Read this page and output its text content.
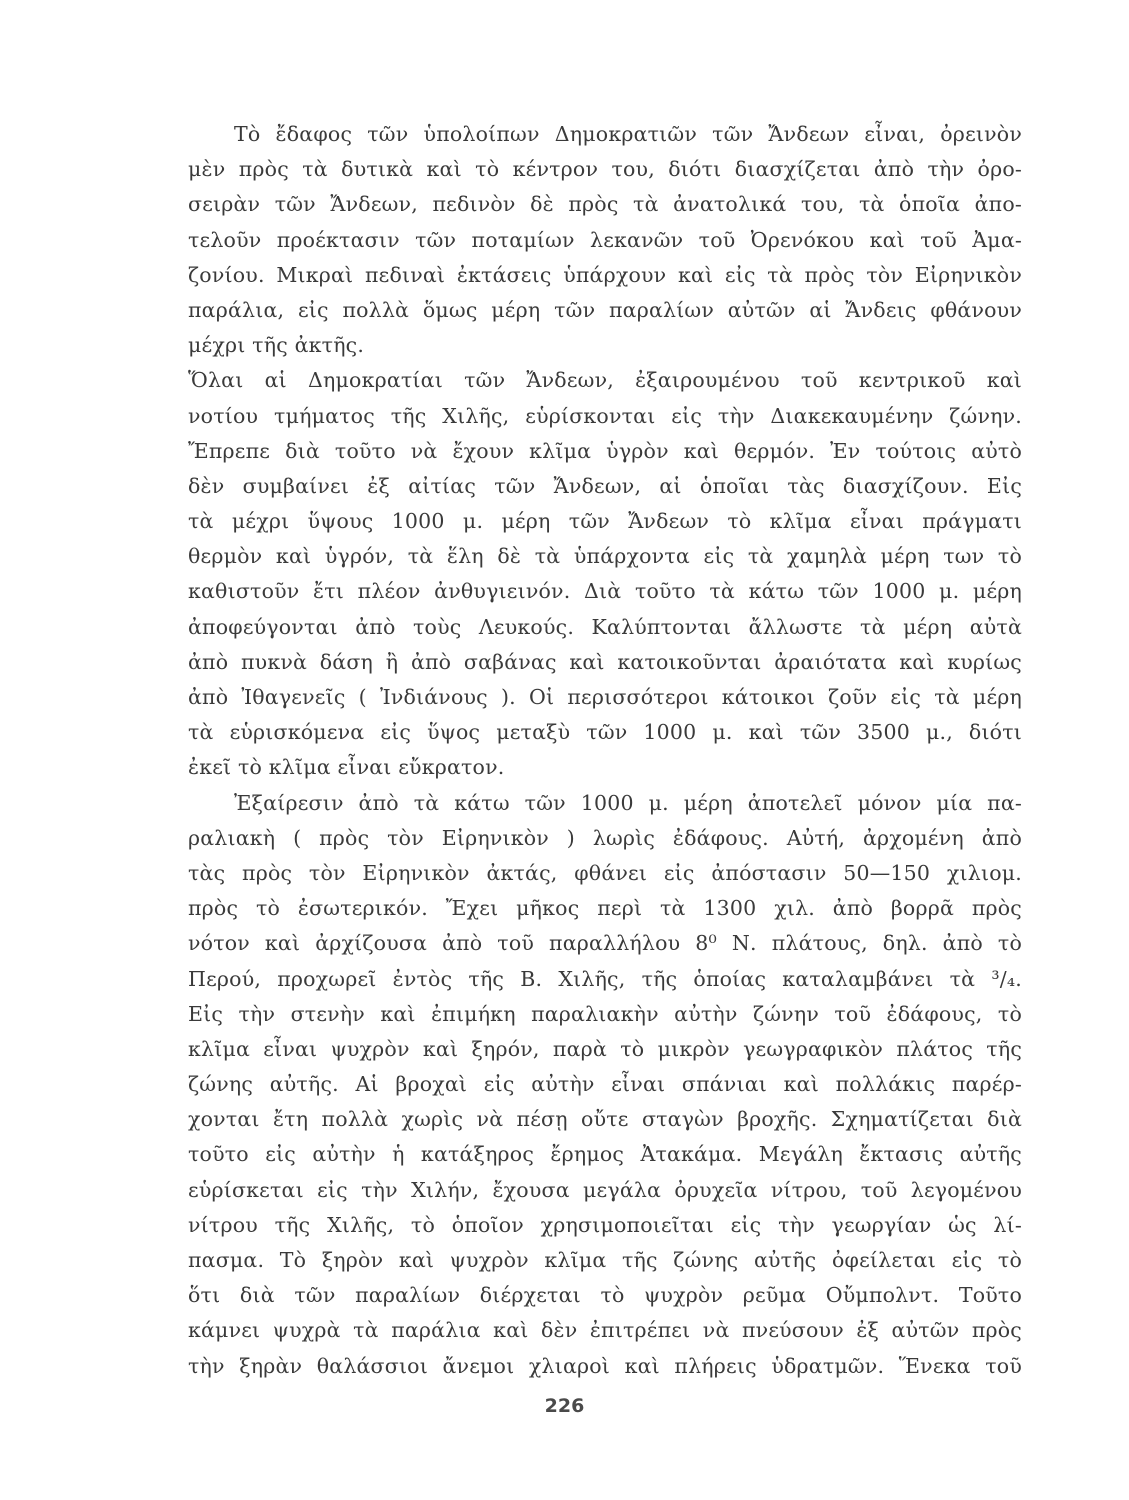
Τὸ ἔδαφος τῶν ὑπολοίπων Δημοκρατιῶν τῶν Ἄνδεων εἶναι, ὀρεινὸν
μὲν πρὸς τὰ δυτικὰ καὶ τὸ κέντρον του, διότι διασχίζεται ἀπὸ τὴν ὀρο-
σειρὰν τῶν Ἄνδεων, πεδινὸν δὲ πρὸς τὰ ἀνατολικά του, τὰ ὁποῖα ἀπο-
τελοῦν προέκτασιν τῶν ποταμίων λεκανῶν τοῦ Ὀρενόκου καὶ τοῦ Ἀμα-
ζονίου. Μικραὶ πεδιναὶ ἐκτάσεις ὑπάρχουν καὶ εἰς τὰ πρὸς τὸν Εἰρηνικὸν
παράλια, εἰς πολλὰ ὅμως μέρη τῶν παραλίων αὐτῶν αἱ Ἄνδεις φθάνουν
μέχρι τῆς ἀκτῆς.
Ὅλαι αἱ Δημοκρατίαι τῶν Ἄνδεων, ἐξαιρουμένου τοῦ κεντρικοῦ καὶ
νοτίου τμήματος τῆς Χιλῆς, εὑρίσκονται εἰς τὴν Διακεκαυμένην ζώνην.
Ἔπρεπε διὰ τοῦτο νὰ ἔχουν κλῖμα ὑγρὸν καὶ θερμόν. Ἐν τούτοις αὐτὸ
δὲν συμβαίνει ἐξ αἰτίας τῶν Ἄνδεων, αἱ ὁποῖαι τὰς διασχίζουν. Εἰς
τὰ μέχρι ὕψους 1000 μ. μέρη τῶν Ἄνδεων τὸ κλῖμα εἶναι πράγματι
θερμὸν καὶ ὑγρόν, τὰ ἕλη δὲ τὰ ὑπάρχοντα εἰς τὰ χαμηλὰ μέρη των τὸ
καθιστοῦν ἔτι πλέον ἀνθυγιεινόν. Διὰ τοῦτο τὰ κάτω τῶν 1000 μ. μέρη
ἀποφεύγονται ἀπὸ τοὺς Λευκούς. Καλύπτονται ἄλλωστε τὰ μέρη αὐτὰ
ἀπὸ πυκνὰ δάση ἢ ἀπὸ σαβάνας καὶ κατοικοῦνται ἀραιότατα καὶ κυρίως
ἀπὸ Ἰθαγενεῖς ( Ἰνδιάνους ). Οἱ περισσότεροι κάτοικοι ζοῦν εἰς τὰ μέρη
τὰ εὑρισκόμενα εἰς ὕψος μεταξὺ τῶν 1000 μ. καὶ τῶν 3500 μ., διότι
ἐκεῖ τὸ κλῖμα εἶναι εὔκρατον.
Ἐξαίρεσιν ἀπὸ τὰ κάτω τῶν 1000 μ. μέρη ἀποτελεῖ μόνον μία πα-
ραλιακὴ ( πρὸς τὸν Εἰρηνικὸν ) λωρὶς ἐδάφους. Αὐτή, ἀρχομένη ἀπὸ
τὰς πρὸς τὸν Εἰρηνικὸν ἀκτάς, φθάνει εἰς ἀπόστασιν 50—150 χιλιομ.
πρὸς τὸ ἐσωτερικόν. Ἔχει μῆκος περὶ τὰ 1300 χιλ. ἀπὸ βορρᾶ πρὸς
νότον καὶ ἀρχίζουσα ἀπὸ τοῦ παραλλήλου 8⁰ Ν. πλάτους, δηλ. ἀπὸ τὸ
Περού, προχωρεῖ ἐντὸς τῆς Β. Χιλῆς, τῆς ὁποίας καταλαμβάνει τὰ ³/₄.
Εἰς τὴν στενὴν καὶ ἐπιμήκη παραλιακὴν αὐτὴν ζώνην τοῦ ἐδάφους, τὸ
κλῖμα εἶναι ψυχρὸν καὶ ξηρόν, παρὰ τὸ μικρὸν γεωγραφικὸν πλάτος τῆς
ζώνης αὐτῆς. Αἱ βροχαὶ εἰς αὐτὴν εἶναι σπάνιαι καὶ πολλάκις παρέρ-
χονται ἔτη πολλὰ χωρὶς νὰ πέσῃ οὔτε σταγὼν βροχῆς. Σχηματίζεται διὰ
τοῦτο εἰς αὐτὴν ἡ κατάξηρος ἔρημος Ἀτακάμα. Μεγάλη ἔκτασις αὐτῆς
εὑρίσκεται εἰς τὴν Χιλήν, ἔχουσα μεγάλα ὀρυχεῖα νίτρου, τοῦ λεγομένου
νίτρου τῆς Χιλῆς, τὸ ὁποῖον χρησιμοποιεῖται εἰς τὴν γεωργίαν ὡς λί-
πασμα. Τὸ ξηρὸν καὶ ψυχρὸν κλῖμα τῆς ζώνης αὐτῆς ὀφείλεται εἰς τὸ
ὅτι διὰ τῶν παραλίων διέρχεται τὸ ψυχρὸν ρεῦμα Οὔμπολντ. Τοῦτο
κάμνει ψυχρὰ τὰ παράλια καὶ δὲν ἐπιτρέπει νὰ πνεύσουν ἐξ αὐτῶν πρὸς
τὴν ξηρὰν θαλάσσιοι ἄνεμοι χλιαροὶ καὶ πλήρεις ὑδρατμῶν. Ἕνεκα τοῦ
226
